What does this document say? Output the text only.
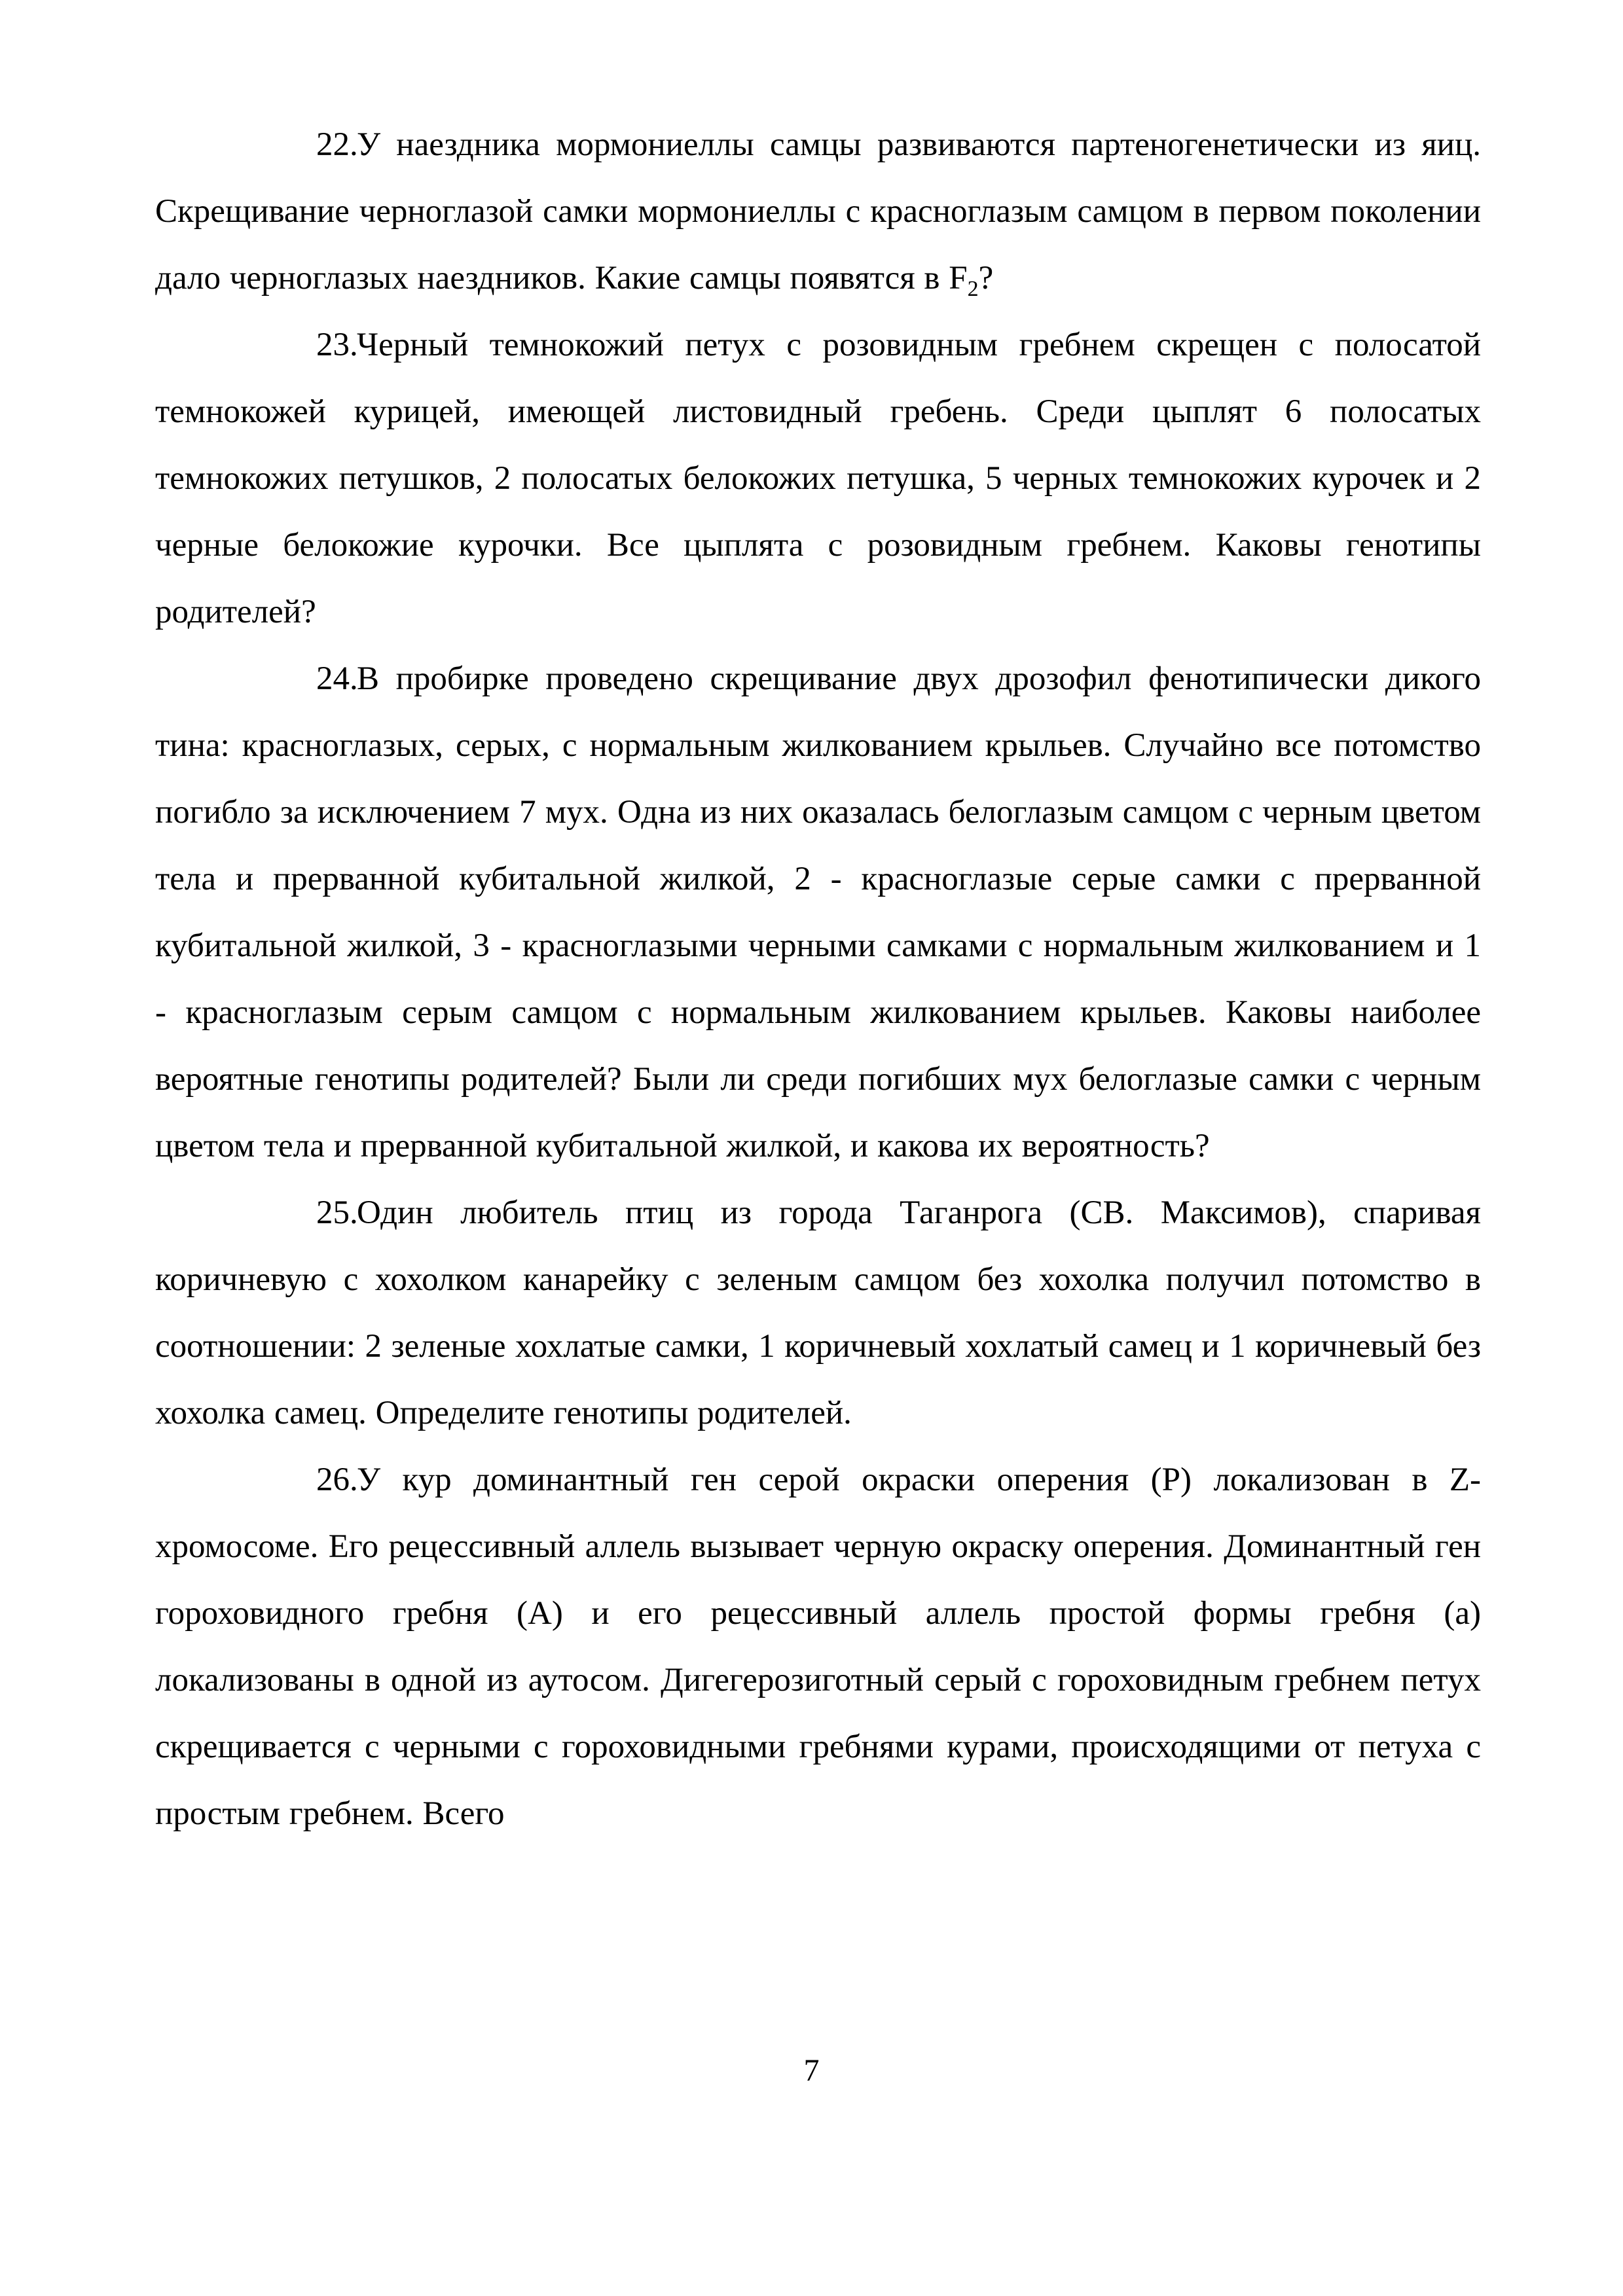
22.У наездника мормониеллы самцы развиваются партеногенетически из яиц. Скрещивание черноглазой самки мормониеллы с красноглазым самцом в первом поколении дало черноглазых наездников. Какие самцы появятся в $F_2$?

23.Черный темнокожий петух с розовидным гребнем скрещен с полосатой темнокожей курицей, имеющей листовидный гребень. Среди цыплят 6 полосатых темнокожих петушков, 2 полосатых белокожих петушка, 5 черных темнокожих курочек и 2 черные белокожие курочки. Все цыплята с розовидным гребнем. Каковы генотипы родителей?

24.В пробирке проведено скрещивание двух дрозофил фенотипически дикого тина: красноглазых, серых, с нормальным жилкованием крыльев. Случайно все потомство погибло за исключением 7 мух. Одна из них оказалась белоглазым самцом с черным цветом тела и прерванной кубитальной жилкой, 2 - красноглазые серые самки с прерванной кубитальной жилкой, 3 - красноглазыми черными самками с нормальным жилкованием и 1 - красноглазым серым самцом с нормальным жилкованием крыльев. Каковы наиболее вероятные генотипы родителей? Были ли среди погибших мух белоглазые самки с черным цветом тела и прерванной кубитальной жилкой, и какова их вероятность?

25.Один любитель птиц из города Таганрога (СВ. Максимов), спаривая коричневую с хохолком канарейку с зеленым самцом без хохолка получил потомство в соотношении: 2 зеленые хохлатые самки, 1 коричневый хохлатый самец и 1 коричневый без хохолка самец. Определите генотипы родителей.

26.У кур доминантный ген серой окраски оперения (Р) локализован в Z-хромосоме. Его рецессивный аллель вызывает черную окраску оперения. Доминантный ген гороховидного гребня (А) и его рецессивный аллель простой формы гребня (а) локализованы в одной из аутосом. Дигегерозиготный серый с гороховидным гребнем петух скрещивается с черными с гороховидными гребнями курами, происходящими от петуха с простым гребнем. Всего

7
